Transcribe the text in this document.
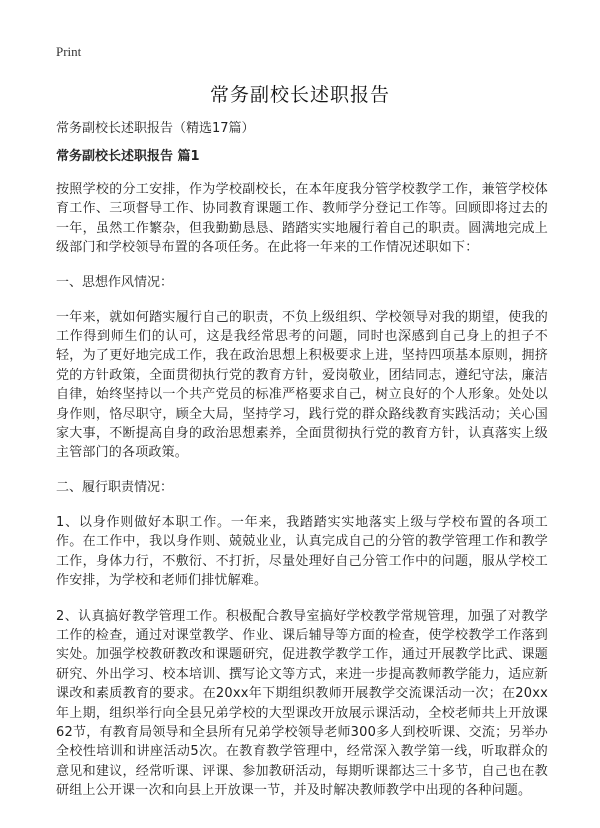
Print
常务副校长述职报告

常务副校长述职报告（精选17篇）

常务副校长述职报告 篇1

按照学校的分工安排，作为学校副校长，在本年度我分管学校教学工作，兼管学校体育工作、三项督导工作、协同教育课题工作、教师学分登记工作等。回顾即将过去的一年，虽然工作繁杂，但我勤勤恳恳、踏踏实实地履行着自己的职责。圆满地完成上级部门和学校领导布置的各项任务。在此将一年来的工作情况述职如下：

一、思想作风情况：

一年来，就如何踏实履行自己的职责，不负上级组织、学校领导对我的期望，使我的工作得到师生们的认可，这是我经常思考的问题，同时也深感到自己身上的担子不轻，为了更好地完成工作，我在政治思想上积极要求上进，坚持四项基本原则，拥挤党的方针政策，全面贯彻执行党的教育方针，爱岗敬业，团结同志，遵纪守法，廉洁自律，始终坚持以一个共产党员的标准严格要求自己，树立良好的个人形象。处处以身作则，恪尽职守，顾全大局，坚持学习，践行党的群众路线教育实践活动；关心国家大事，不断提高自身的政治思想素养，全面贯彻执行党的教育方针，认真落实上级主管部门的各项政策。

二、履行职责情况：

1、以身作则做好本职工作。一年来，我踏踏实实地落实上级与学校布置的各项工作。在工作中，我以身作则、兢兢业业，认真完成自己的分管的教学管理工作和教学工作，身体力行，不敷衍、不打折，尽量处理好自己分管工作中的问题，服从学校工作安排，为学校和老师们排忧解难。

2、认真搞好教学管理工作。积极配合教导室搞好学校教学常规管理，加强了对教学工作的检查，通过对课堂教学、作业、课后辅导等方面的检查，使学校教学工作落到实处。加强学校教研教改和课题研究，促进教学教学工作，通过开展教学比武、课题研究、外出学习、校本培训、撰写论文等方式，来进一步提高教师教学能力，适应新课改和素质教育的要求。在20xx年下期组织教师开展教学交流课活动一次；在20xx年上期，组织举行向全县兄弟学校的大型课改开放展示课活动，全校老师共上开放课62节，有教育局领导和全县所有兄弟学校领导老师300多人到校听课、交流；另举办全校性培训和讲座活动5次。在教育教学管理中，经常深入教学第一线，听取群众的意见和建议，经常听课、评课、参加教研活动，每期听课都达三十多节，自己也在教研组上公开课一次和向县上开放课一节，并及时解决教师教学中出现的各种问题。
